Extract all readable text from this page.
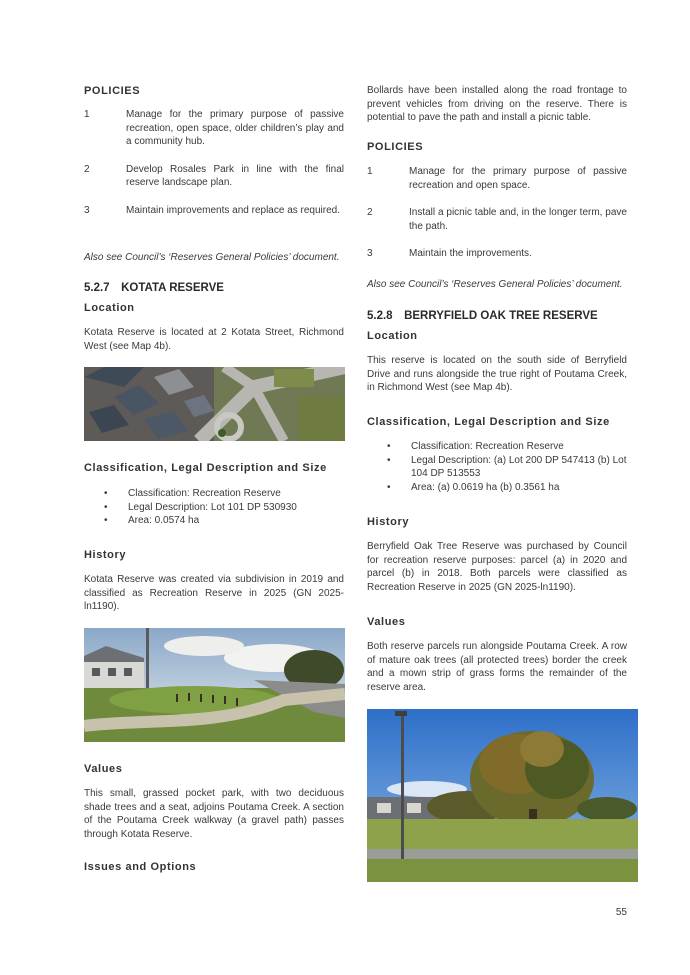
POLICIES
1	Manage for the primary purpose of passive recreation, open space, older children’s play and a community hub.
2	Develop Rosales Park in line with the final reserve landscape plan.
3	Maintain improvements and replace as required.
Also see Council’s ‘Reserves General Policies’ document.
5.2.7 KOTATA RESERVE
Location
Kotata Reserve is located at 2 Kotata Street, Richmond West (see Map 4b).
Classification, Legal Description and Size
• Classification: Recreation Reserve
• Legal Description: Lot 101 DP 530930
• Area: 0.0574 ha
History
Kotata Reserve was created via subdivision in 2019 and classified as Recreation Reserve in 2025 (GN 2025-ln1190).
Values
This small, grassed pocket park, with two deciduous shade trees and a seat, adjoins Poutama Creek. A section of the Poutama Creek walkway (a gravel path) passes through Kotata Reserve.
Issues and Options
Bollards have been installed along the road frontage to prevent vehicles from driving on the reserve. There is potential to pave the path and install a picnic table.
POLICIES
1	Manage for the primary purpose of passive recreation and open space.
2	Install a picnic table and, in the longer term, pave the path.
3	Maintain the improvements.
Also see Council’s ‘Reserves General Policies’ document.
5.2.8 BERRYFIELD OAK TREE RESERVE
Location
This reserve is located on the south side of Berryfield Drive and runs alongside the true right of Poutama Creek, in Richmond West (see Map 4b).
Classification, Legal Description and Size
• Classification: Recreation Reserve
• Legal Description: (a) Lot 200 DP 547413 (b) Lot 104 DP 513553
• Area: (a) 0.0619 ha (b) 0.3561 ha
History
Berryfield Oak Tree Reserve was purchased by Council for recreation reserve purposes: parcel (a) in 2020 and parcel (b) in 2018. Both parcels were classified as Recreation Reserve in 2025 (GN 2025-ln1190).
Values
Both reserve parcels run alongside Poutama Creek. A row of mature oak trees (all protected trees) border the creek and a mown strip of grass forms the remainder of the reserve area.
55
